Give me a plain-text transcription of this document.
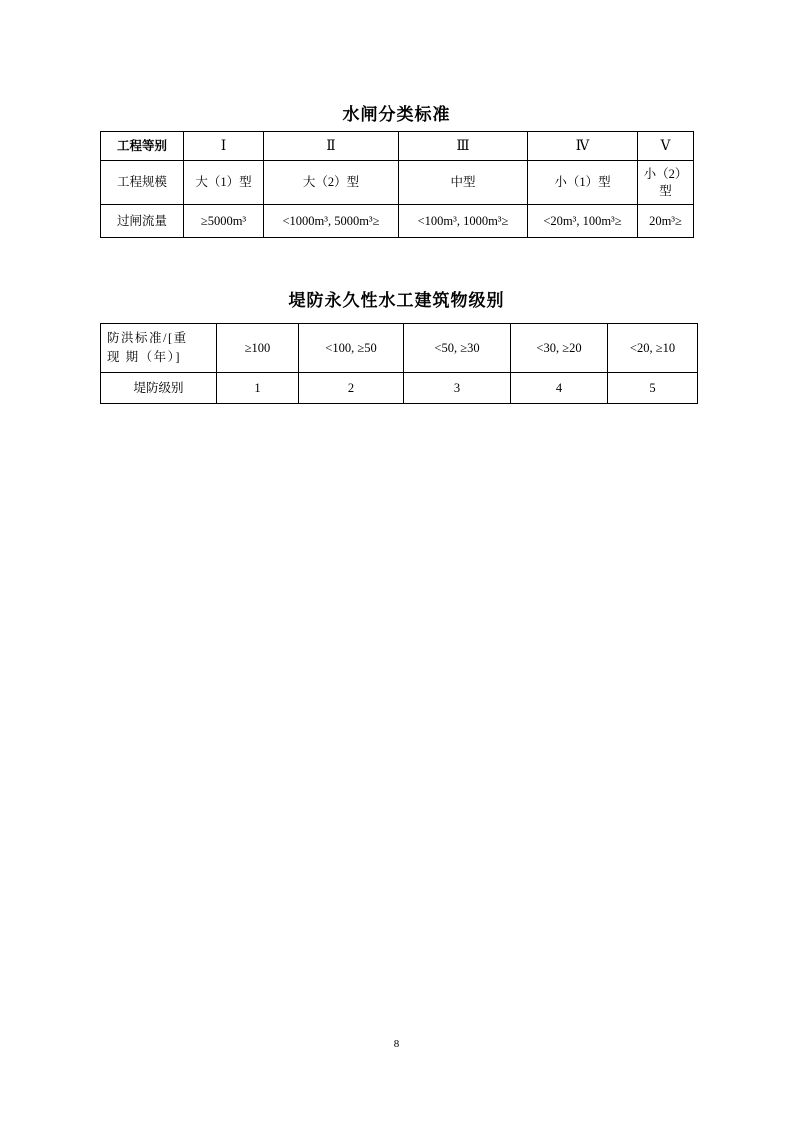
水闸分类标准
工程等别	Ⅰ	Ⅱ	Ⅲ	Ⅳ	Ⅴ
工程规模	大（1）型	大（2）型	中型	小（1）型	小（2）型
过闸流量	≥5000m³	<1000m³, 5000m³≥	<100m³, 1000m³≥	<20m³, 100m³≥	20m³≥
堤防永久性水工建筑物级别
防洪标准/[重
现 期（年）]	≥100	<100, ≥50	<50, ≥30	<30, ≥20	<20, ≥10
堤防级别	1	2	3	4	5
8
